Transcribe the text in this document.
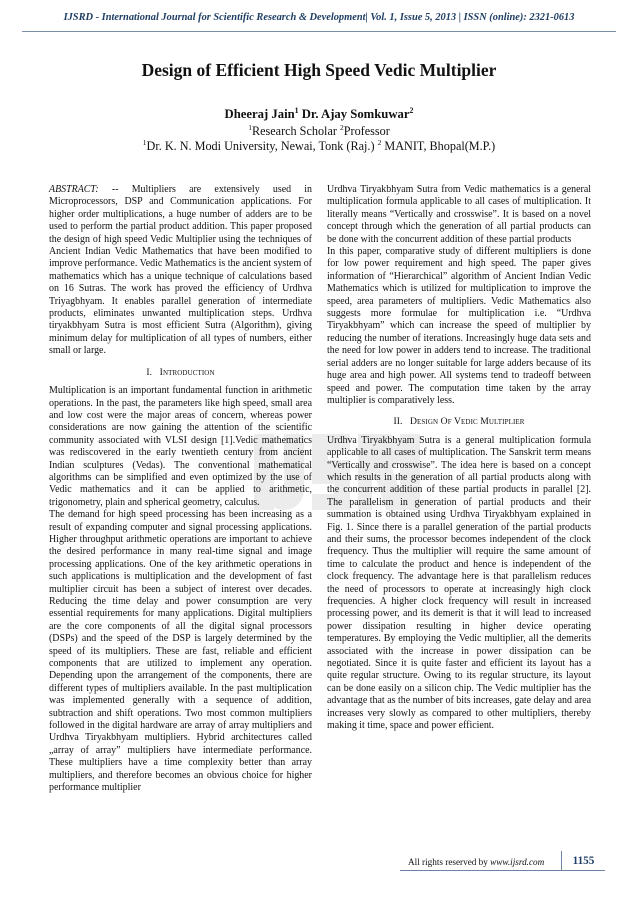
IJSRD - International Journal for Scientific Research & Development| Vol. 1, Issue 5, 2013 | ISSN (online): 2321-0613
Design of Efficient High Speed Vedic Multiplier
Dheeraj Jain$^1$ Dr. Ajay Somkuwar$^2$
$^1$Research Scholar $^2$Professor
$^1$Dr. K. N. Modi University, Newai, Tonk (Raj.) $^2$ MANIT, Bhopal(M.P.)

ABSTRACT: -- Multipliers are extensively used in Microprocessors, DSP and Communication applications. For higher order multiplications, a huge number of adders are to be used to perform the partial product addition. This paper proposed the design of high speed Vedic Multiplier using the techniques of Ancient Indian Vedic Mathematics that have been modified to improve performance. Vedic Mathematics is the ancient system of mathematics which has a unique technique of calculations based on 16 Sutras. The work has proved the efficiency of Urdhva Triyagbhyam. It enables parallel generation of intermediate products, eliminates unwanted multiplication steps. Urdhva tiryakbhyam Sutra is most efficient Sutra (Algorithm), giving minimum delay for multiplication of all types of numbers, either small or large.

I. Introduction

Multiplication is an important fundamental function in arithmetic operations. In the past, the parameters like high speed, small area and low cost were the major areas of concern, whereas power considerations are now gaining the attention of the scientific community associated with VLSI design [1].Vedic mathematics was rediscovered in the early twentieth century from ancient Indian sculptures (Vedas). The conventional mathematical algorithms can be simplified and even optimized by the use of Vedic mathematics and it can be applied to arithmetic, trigonometry, plain and spherical geometry, calculus.

The demand for high speed processing has been increasing as a result of expanding computer and signal processing applications. Higher throughput arithmetic operations are important to achieve the desired performance in many real-time signal and image processing applications. One of the key arithmetic operations in such applications is multiplication and the development of fast multiplier circuit has been a subject of interest over decades. Reducing the time delay and power consumption are very essential requirements for many applications. Digital multipliers are the core components of all the digital signal processors (DSPs) and the speed of the DSP is largely determined by the speed of its multipliers. These are fast, reliable and efficient components that are utilized to implement any operation. Depending upon the arrangement of the components, there are different types of multipliers available. In the past multiplication was implemented generally with a sequence of addition, subtraction and shift operations. Two most common multipliers followed in the digital hardware are array of array multipliers and Urdhva Tiryakbhyam multipliers. Hybrid architectures called „array of array” multipliers have intermediate performance. These multipliers have a time complexity better than array multipliers, and therefore becomes an obvious choice for higher performance multiplier

Urdhva Tiryakbhyam Sutra from Vedic mathematics is a general multiplication formula applicable to all cases of multiplication. It literally means “Vertically and crosswise”. It is based on a novel concept through which the generation of all partial products can be done with the concurrent addition of these partial products

In this paper, comparative study of different multipliers is done for low power requirement and high speed. The paper gives information of “Hierarchical” algorithm of Ancient Indian Vedic Mathematics which is utilized for multiplication to improve the speed, area parameters of multipliers. Vedic Mathematics also suggests more formulae for multiplication i.e. “Urdhva Tiryakbhyam” which can increase the speed of multiplier by reducing the number of iterations. Increasingly huge data sets and the need for low power in adders tend to increase. The traditional serial adders are no longer suitable for large adders because of its huge area and high power. All systems tend to tradeoff between speed and power. The computation time taken by the array multiplier is comparatively less.

II. Design Of Vedic Multiplier

Urdhva Tiryakbhyam Sutra is a general multiplication formula applicable to all cases of multiplication. The Sanskrit term means “Vertically and crosswise”. The idea here is based on a concept which results in the generation of all partial products along with the concurrent addition of these partial products in parallel [2]. The parallelism in generation of partial products and their summation is obtained using Urdhva Tiryakbhyam explained in Fig. 1. Since there is a parallel generation of the partial products and their sums, the processor becomes independent of the clock frequency. Thus the multiplier will require the same amount of time to calculate the product and hence is independent of the clock frequency. The advantage here is that parallelism reduces the need of processors to operate at increasingly high clock frequencies. A higher clock frequency will result in increased processing power, and its demerit is that it will lead to increased power dissipation resulting in higher device operating temperatures. By employing the Vedic multiplier, all the demerits associated with the increase in power dissipation can be negotiated. Since it is quite faster and efficient its layout has a quite regular structure. Owing to its regular structure, its layout can be done easily on a silicon chip. The Vedic multiplier has the advantage that as the number of bits increases, gate delay and area increases very slowly as compared to other multipliers, thereby making it time, space and power efficient.

All rights reserved by www.ijsrd.com	1155
